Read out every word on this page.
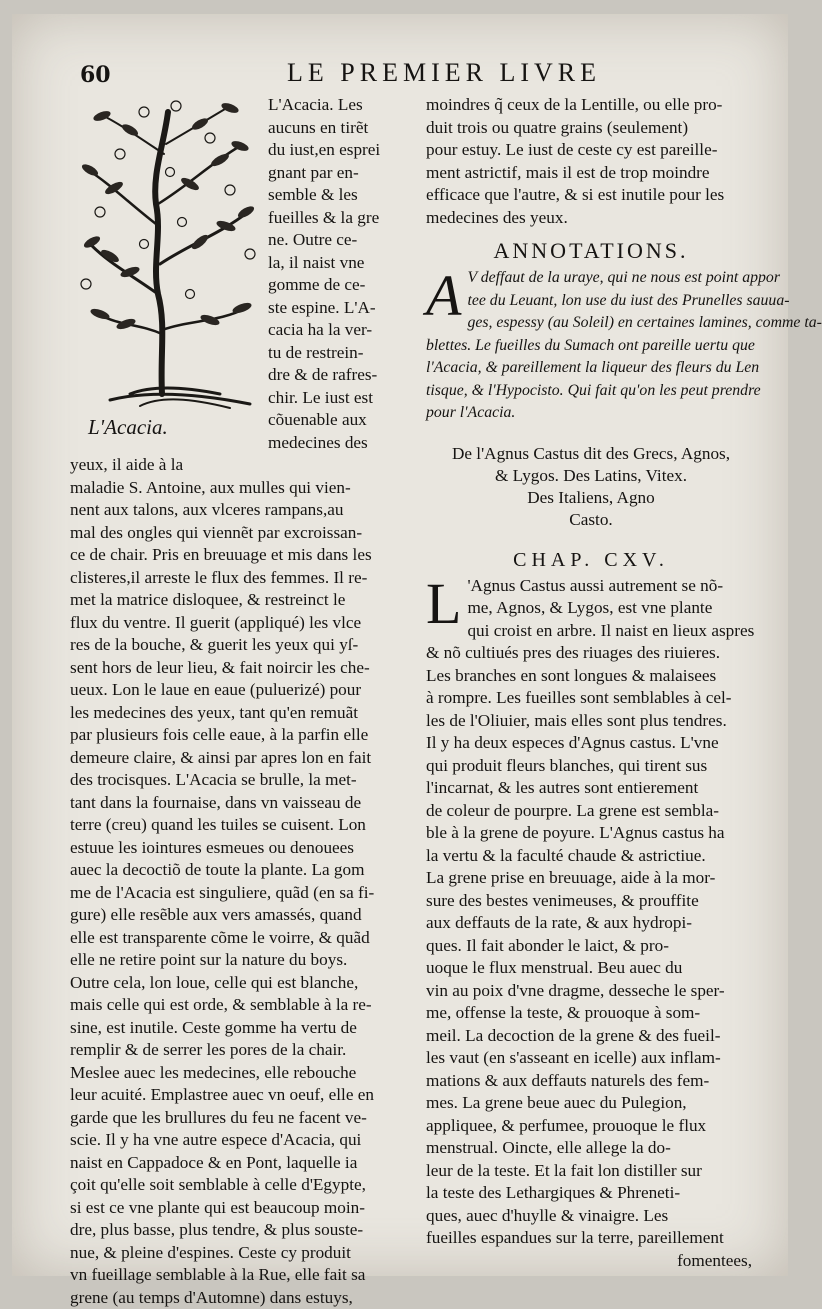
60	LE PREMIER LIVRE
L'Acacia.
L'Acacia. Les
aucuns en tirẽt
du iust,en esprei
gnant par en-
semble & les
fueilles & la gre
ne. Outre ce-
la, il naist vne
gomme de ce-
ste espine. L'A-
cacia ha la ver-
tu de restrein-
dre & de rafres-
chir. Le iust est
cõuenable aux
medecines des
yeux, il aide à la
maladie S. Antoine, aux mulles qui vien-
nent aux talons, aux vlceres rampans,au
mal des ongles qui viennẽt par excroissan-
ce de chair. Pris en breuuage et mis dans les
clisteres,il arreste le flux des femmes. Il re-
met la matrice disloquee, & restreinct le
flux du ventre. Il guerit (appliqué) les vlce
res de la bouche, & guerit les yeux qui yſ-
sent hors de leur lieu, & fait noircir les che-
ueux. Lon le laue en eaue (puluerizé) pour
les medecines des yeux, tant qu'en remuãt
par plusieurs fois celle eaue, à la parfin elle
demeure claire, & ainsi par apres lon en fait
des trocisques. L'Acacia se brulle, la met-
tant dans la fournaise, dans vn vaisseau de
terre (creu) quand les tuiles se cuisent. Lon
estuue les iointures esmeues ou denouees
auec la decoctiõ de toute la plante. La gom
me de l'Acacia est singuliere, quãd (en sa fi-
gure) elle resẽble aux vers amassés, quand
elle est transparente cõme le voirre, & quãd
elle ne retire point sur la nature du boys.
Outre cela, lon loue, celle qui est blanche,
mais celle qui est orde, & semblable à la re-
sine, est inutile. Ceste gomme ha vertu de
remplir & de serrer les pores de la chair.
Meslee auec les medecines, elle rebouche
leur acuité. Emplastree auec vn oeuf, elle en
garde que les brullures du feu ne facent ve-
scie. Il y ha vne autre espece d'Acacia, qui
naist en Cappadoce & en Pont, laquelle ia
çoit qu'elle soit semblable à celle d'Egypte,
si est ce vne plante qui est beaucoup moin-
dre, plus basse, plus tendre, & plus souste-
nue, & pleine d'espines. Ceste cy produit
vn fueillage semblable à la Rue, elle fait sa
grene (au temps d'Automne) dans estuys,
moindres q̃ ceux de la Lentille, ou elle pro-
duit trois ou quatre grains (seulement)
pour estuy. Le iust de ceste cy est pareille-
ment astrictif, mais il est de trop moindre
efficace que l'autre, & si est inutile pour les
medecines des yeux.
ANNOTATIONS.
A V deffaut de la uraye, qui ne nous est point appor
tee du Leuant, lon use du iust des Prunelles sauua-
ges, espessy (au Soleil) en certaines lamines, comme ta-
blettes. Le fueilles du Sumach ont pareille uertu que
l'Acacia, & pareillement la liqueur des fleurs du Len
tisque, & l'Hypocisto. Qui fait qu'on les peut prendre
pour l'Acacia.
De l'Agnus Castus dit des Grecs, Agnos,
& Lygos. Des Latins, Vitex.
Des Italiens, Agno
Casto.
CHAP. CXV.
L 'Agnus Castus aussi autrement se nõ-
me, Agnos, & Lygos, est vne plante
qui croist en arbre. Il naist en lieux aspres
& nõ cultiués pres des riuages des riuieres.
Les branches en sont longues & malaisees
à rompre. Les fueilles sont semblables à cel-
les de l'Oliuier, mais elles sont plus tendres.
Il y ha deux especes d'Agnus castus. L'vne
qui produit fleurs blanches, qui tirent sus
l'incarnat, & les autres sont entierement
de coleur de pourpre. La grene est sembla-
ble à la grene de poyure. L'Agnus castus ha
la vertu & la faculté chaude & astrictiue.
La grene prise en breuuage, aide à la mor-
sure des bestes venimeuses, & prouffite
aux deffauts de la rate, & aux hydropi-
ques. Il fait abonder le laict, & pro-
uoque le flux menstrual. Beu auec du
vin au poix d'vne dragme, desseche le sper-
me, offense la teste, & prouoque à som-
meil. La decoction de la grene & des fueil-
les vaut (en s'asseant en icelle) aux inflam-
mations & aux deffauts naturels des fem-
mes. La grene beue auec du Pulegion,
appliquee, & perfumee, prouoque le flux
menstrual. Oincte, elle allege la do-
leur de la teste. Et la fait lon distiller sur
la teste des Lethargiques & Phreneti-
ques, auec d'huylle & vinaigre. Les
fueilles espandues sur la terre, pareillement
fomentees,
